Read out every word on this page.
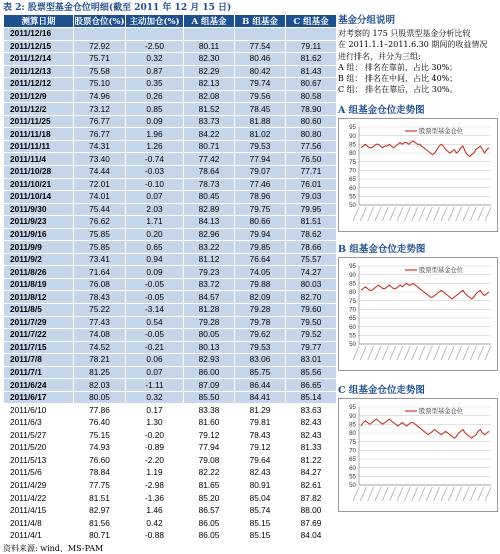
表 2: 股票型基金仓位明细(截至 2011 年 12 月 15 日)
测算日期	股票仓位(%)	主动加仓(%)	A 组基金	B 组基金	C 组基金
2011/12/16					
2011/12/15	72.92	-2.50	80.11	77.54	79.11
2011/12/14	75.71	0.32	82.30	80.46	81.62
2011/12/13	75.58	0.87	82.29	80.42	81.43
2011/12/12	75.10	0.35	82.13	79.74	80.67
2011/12/9	74.96	0.26	82.08	79.56	80.58
2011/12/2	73.12	0.85	81.52	78.45	78.90
2011/11/25	76.77	0.09	83.73	81.88	80.60
2011/11/18	76.77	1.96	84.22	81.02	80.80
2011/11/11	74.31	1.26	80.71	79.53	77.56
2011/11/4	73.40	-0.74	77.42	77.94	76.50
2011/10/28	74.44	-0.03	78.64	79.07	77.71
2011/10/21	72.01	-0.10	78.73	77.46	76.01
2011/10/14	74.01	0.07	80.45	78.96	79.03
2011/9/30	75.44	2.03	82.89	79.75	79.95
2011/9/23	76.62	1.71	84.13	80.66	81.51
2011/9/16	75.85	0.20	82.96	79.94	78.62
2011/9/9	75.85	0.65	83.22	79.85	78.66
2011/9/2	73.41	0.94	81.12	76.64	75.57
2011/8/26	71.64	0.09	79.23	74.05	74.27
2011/8/19	76.08	-0.05	83.72	79.88	80.03
2011/8/12	78.43	-0.05	84.57	82.09	82.70
2011/8/5	75.22	-3.14	81.28	79.28	79.60
2011/7/29	77.43	0.54	79.28	79.78	79.50
2011/7/22	74.08	-0.05	80.05	79.62	79.52
2011/7/15	74.52	-0.21	80.13	79.53	79.77
2011/7/8	78.21	0.06	82.93	83.06	83.01
2011/7/1	81.25	0.07	86.00	85.75	85.56
2011/6/24	82.03	-1.11	87.09	86.44	86.65
2011/6/17	80.05	0.32	85.50	84.41	85.14
2011/6/10	77.86	0.17	83.38	81.29	83.63
2011/6/3	76.40	1.30	81.60	79.81	82.43
2011/5/27	75.15	-0.20	79.12	78.43	82.43
2011/5/20	74.93	-0.89	77.94	79.12	81.33
2011/5/13	76.60	-2.20	79.08	79.64	81.22
2011/5/6	78.84	1.19	82.22	82.43	84.27
2011/4/29	77.75	-2.98	81.65	80.91	82.61
2011/4/22	81.51	-1.36	85.20	85.04	87.82
2011/4/15	82.97	1.46	86.57	85.74	88.00
2011/4/8	81.56	0.42	86.05	85.15	87.69
2011/4/1	80.71	-0.88	86.05	85.15	84.04
资料来源: wind、MS-PAM
基金分组说明

对考察的 175 只股票型基金分析比较

在 2011.1.1–2011.6.30 期间的收益情况

进行排名，并分为三组:

A 组： 排名在靠前，占比 30%；

B 组： 排名在中间，占比 40%；

C 组： 排名在靠后，占比 30%。

A 组基金仓位走势图
95
90
85
80
75
70
65
60
55
50
股票型基金仓位
B 组基金仓位走势图
95
90
85
80
75
70
65
60
55
50
股票型基金仓位
C 组基金仓位走势图
95
90
85
80
75
70
65
60
55
50
股票型基金仓位
